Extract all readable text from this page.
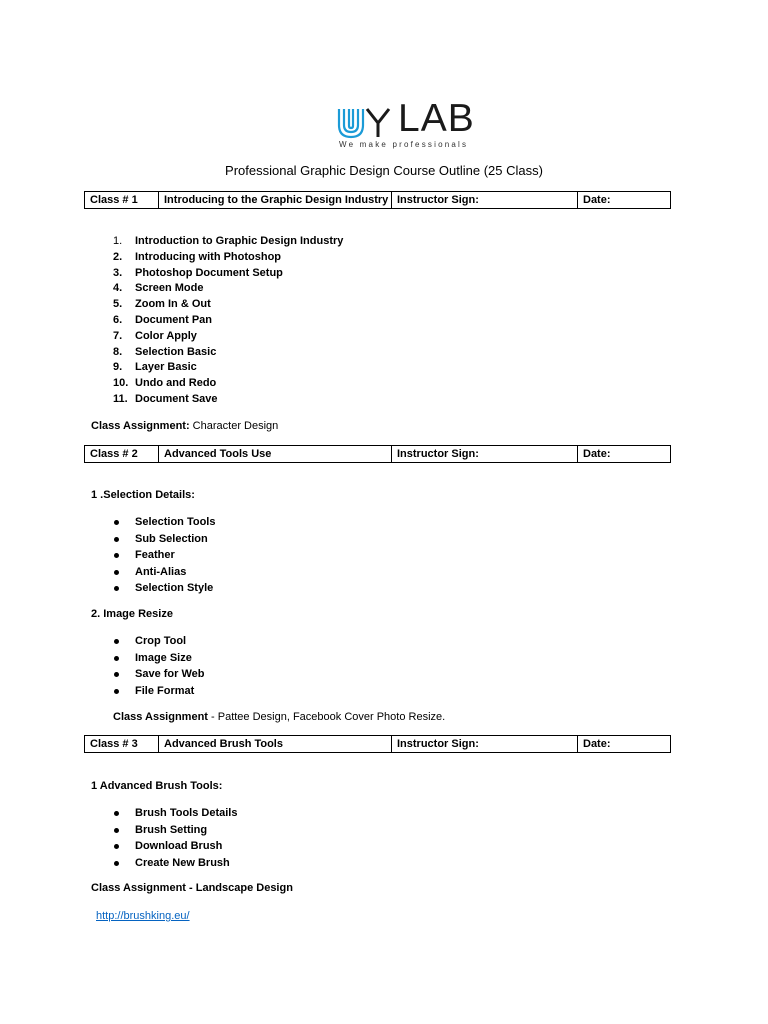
LAB
We make professionals
Professional Graphic Design Course Outline (25 Class)
Class # 1	Introducing to the Graphic Design Industry	Instructor Sign:	Date:
1. Introduction to Graphic Design Industry
2. Introducing with Photoshop
3. Photoshop Document Setup
4. Screen Mode
5. Zoom In & Out
6. Document Pan
7. Color Apply
8. Selection Basic
9. Layer Basic
10. Undo and Redo
11. Document Save
Class Assignment: Character Design
Class # 2	Advanced Tools Use	Instructor Sign:	Date:
1 .Selection Details:
Selection Tools
Sub Selection
Feather
Anti-Alias
Selection Style
2. Image Resize
Crop Tool
Image Size
Save for Web
File Format
Class Assignment - Pattee Design, Facebook Cover Photo Resize.
Class # 3	Advanced Brush Tools	Instructor Sign:	Date:
1 Advanced Brush Tools:
Brush Tools Details
Brush Setting
Download Brush
Create New Brush
Class Assignment - Landscape Design
http://brushking.eu/
